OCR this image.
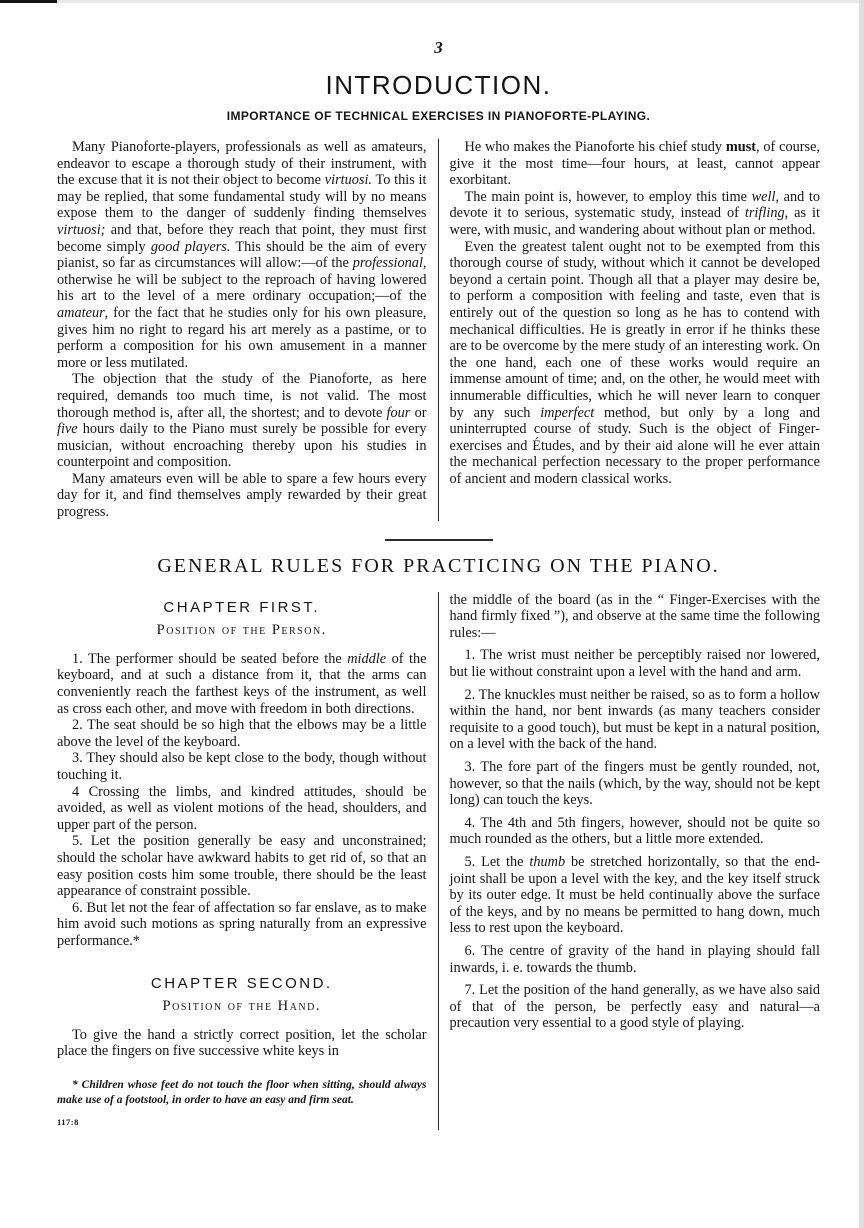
3
INTRODUCTION.
IMPORTANCE OF TECHNICAL EXERCISES IN PIANOFORTE-PLAYING.

Many Pianoforte-players, professionals as well as amateurs, endeavor to escape a thorough study of their instrument, with the excuse that it is not their object to become virtuosi. To this it may be replied, that some fundamental study will by no means expose them to the danger of suddenly finding themselves virtuosi; and that, before they reach that point, they must first become simply good players. This should be the aim of every pianist, so far as circumstances will allow:—of the professional, otherwise he will be subject to the reproach of having lowered his art to the level of a mere ordinary occupation;—of the amateur, for the fact that he studies only for his own pleasure, gives him no right to regard his art merely as a pastime, or to perform a composition for his own amusement in a manner more or less mutilated.

The objection that the study of the Pianoforte, as here required, demands too much time, is not valid. The most thorough method is, after all, the shortest; and to devote four or five hours daily to the Piano must surely be possible for every musician, without encroaching thereby upon his studies in counterpoint and composition.

Many amateurs even will be able to spare a few hours every day for it, and find themselves amply rewarded by their great progress.

He who makes the Pianoforte his chief study must, of course, give it the most time—four hours, at least, cannot appear exorbitant.

The main point is, however, to employ this time well, and to devote it to serious, systematic study, instead of trifling, as it were, with music, and wandering about without plan or method.

Even the greatest talent ought not to be exempted from this thorough course of study, without which it cannot be developed beyond a certain point. Though all that a player may desire be, to perform a composition with feeling and taste, even that is entirely out of the question so long as he has to contend with mechanical difficulties. He is greatly in error if he thinks these are to be overcome by the mere study of an interesting work. On the one hand, each one of these works would require an immense amount of time; and, on the other, he would meet with innumerable difficulties, which he will never learn to conquer by any such imperfect method, but only by a long and uninterrupted course of study. Such is the object of Finger-exercises and Études, and by their aid alone will he ever attain the mechanical perfection necessary to the proper performance of ancient and modern classical works.

GENERAL RULES FOR PRACTICING ON THE PIANO.
CHAPTER FIRST.
Position of the Person.

1. The performer should be seated before the middle of the keyboard, and at such a distance from it, that the arms can conveniently reach the farthest keys of the instrument, as well as cross each other, and move with freedom in both directions.

2. The seat should be so high that the elbows may be a little above the level of the keyboard.

3. They should also be kept close to the body, though without touching it.

4 Crossing the limbs, and kindred attitudes, should be avoided, as well as violent motions of the head, shoulders, and upper part of the person.

5. Let the position generally be easy and unconstrained; should the scholar have awkward habits to get rid of, so that an easy position costs him some trouble, there should be the least appearance of constraint possible.

6. But let not the fear of affectation so far enslave, as to make him avoid such motions as spring naturally from an expressive performance.*

CHAPTER SECOND.
Position of the Hand.

To give the hand a strictly correct position, let the scholar place the fingers on five successive white keys in

* Children whose feet do not touch the floor when sitting, should always make use of a footstool, in order to have an easy and firm seat.

117:8

the middle of the board (as in the “ Finger-Exercises with the hand firmly fixed ”), and observe at the same time the following rules:—

1. The wrist must neither be perceptibly raised nor lowered, but lie without constraint upon a level with the hand and arm.

2. The knuckles must neither be raised, so as to form a hollow within the hand, nor bent inwards (as many teachers consider requisite to a good touch), but must be kept in a natural position, on a level with the back of the hand.

3. The fore part of the fingers must be gently rounded, not, however, so that the nails (which, by the way, should not be kept long) can touch the keys.

4. The 4th and 5th fingers, however, should not be quite so much rounded as the others, but a little more extended.

5. Let the thumb be stretched horizontally, so that the end-joint shall be upon a level with the key, and the key itself struck by its outer edge. It must be held continually above the surface of the keys, and by no means be permitted to hang down, much less to rest upon the keyboard.

6. The centre of gravity of the hand in playing should fall inwards, i. e. towards the thumb.

7. Let the position of the hand generally, as we have also said of that of the person, be perfectly easy and natural—a precaution very essential to a good style of playing.
